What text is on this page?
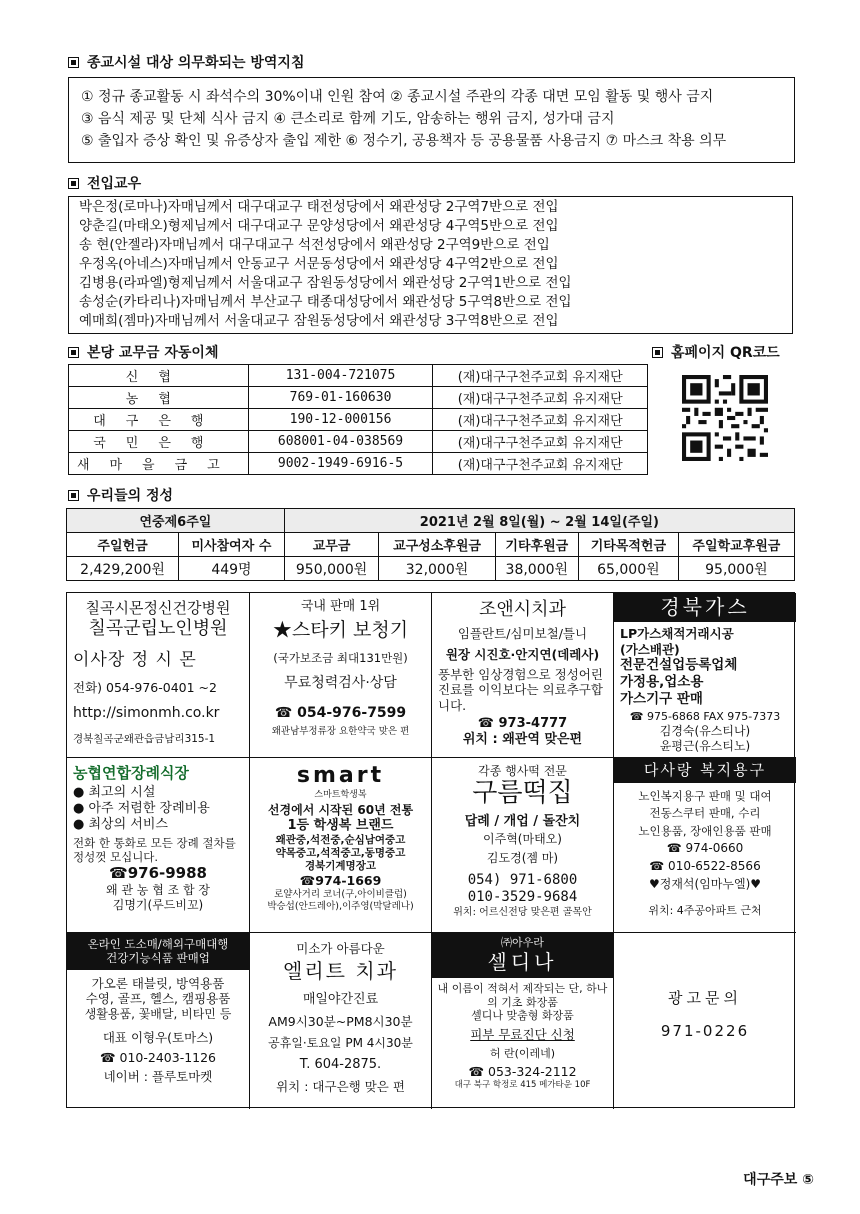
종교시설 대상 의무화되는 방역지침

① 정규 종교활동 시 좌석수의 30%이내 인원 참여 ② 종교시설 주관의 각종 대면 모임 활동 및 행사 금지

③ 음식 제공 및 단체 식사 금지 ④ 큰소리로 함께 기도, 암송하는 행위 금지, 성가대 금지

⑤ 출입자 증상 확인 및 유증상자 출입 제한 ⑥ 정수기, 공용책자 등 공용물품 사용금지 ⑦ 마스크 착용 의무

전입교우

박은정(로마나)자매님께서 대구대교구 태전성당에서 왜관성당 2구역7반으로 전입

양춘길(마태오)형제님께서 대구대교구 문양성당에서 왜관성당 4구역5반으로 전입

송 현(안젤라)자매님께서 대구대교구 석전성당에서 왜관성당 2구역9반으로 전입

우정옥(아네스)자매님께서 안동교구 서문동성당에서 왜관성당 4구역2반으로 전입

김병용(라파엘)형제님께서 서울대교구 잠원동성당에서 왜관성당 2구역1반으로 전입

송성순(카타리나)자매님께서 부산교구 태종대성당에서 왜관성당 5구역8반으로 전입

예매희(젬마)자매님께서 서울대교구 잠원동성당에서 왜관성당 3구역8반으로 전입

본당 교무금 자동이체	홈페이지 QR코드
신협	131-004-721075	(재)대구구천주교회 유지재단
농협	769-01-160630	(재)대구구천주교회 유지재단
대구은행	190-12-000156	(재)대구구천주교회 유지재단
국민은행	608001-04-038569	(재)대구구천주교회 유지재단
새마을금고	9002-1949-6916-5	(재)대구구천주교회 유지재단
우리들의 정성
연중제6주일		2021년 2월 8일(월) ~ 2월 14일(주일)				
주일헌금	미사참여자 수	교무금	교구성소후원금	기타후원금	기타목적헌금	주일학교후원금
2,429,200원	449명	950,000원	32,000원	38,000원	65,000원	95,000원

칠곡시몬정신건강병원

칠곡군립노인병원

이사장 정 시 몬

전화) 054-976-0401 ~2

http://simonmh.co.kr

경북칠곡군왜관읍금남리315-1

국내 판매 1위

★스타키 보청기

(국가보조금 최대131만원)

무료청력검사·상담

☎ 054-976-7599

왜관남부정류장 요한약국 맞은 편

조앤시치과

임플란트/심미보철/틀니

원장 시진호·안지연(데레사)

풍부한 임상경험으로 정성어린 진료를 이익보다는 의료추구합니다.

☎ 973-4777

위치 : 왜관역 맞은편

경북가스

LP가스채적거래시공

(가스배관)

전문건설업등록업체

가정용,업소용

가스기구 판매

☎ 975-6868 FAX 975-7373

김경숙(유스티나)

윤평근(유스티노)

농협연합장례식장

● 최고의 시설

● 아주 저렴한 장례비용

● 최상의 서비스

전화 한 통화로 모든 장례 절차를 정성껏 모십니다.

☎976-9988

왜 관 농 협 조 합 장

김명기(루드비꼬)

smart

스마트학생복

선경에서 시작된 60년 전통

1등 학생복 브랜드

왜관중,석전중,순심남여중고

약목중고,석적중고,동명중고

경북기계명장고

☎974-1669

로얄사거리 코너(구,아이비클럽)

박승섭(안드레아),이주영(막달레나)

각종 행사떡 전문

구름떡집

답례 / 개업 / 돌잔치

이주혁(마태오)

김도경(젬 마)

054) 971-6800

010-3529-9684

위치: 어르신전당 맞은편 골목안

다사랑 복지용구

노인복지용구 판매 및 대여

전동스쿠터 판매, 수리

노인용품, 장애인용품 판매

☎ 974-0660

☎ 010-6522-8566

♥정재석(임마누엘)♥

위치: 4주공아파트 근처

온라인 도소매/해외구매대행

건강기능식품 판매업

가오론 태블릿, 방역용품

수영, 골프, 헬스, 캠핑용품

생활용품, 꽃배달, 비타민 등

대표 이형우(토마스)

☎ 010-2403-1126

네이버 : 플루토마켓

미소가 아름다운

엘리트 치과

매일야간진료

AM9시30분~PM8시30분

공휴일·토요일 PM 4시30분

T. 604-2875.

위치 : 대구은행 맞은 편

㈜아우라

셀디나

내 이름이 적혀서 제작되는 단, 하나의 기초 화장품

셀디나 맞춤형 화장품

피부 무료진단 신청

허 란(이레네)

☎ 053-324-2112

대구 북구 학정로 415 메가타운 10F

광고문의

971-0226

대구주보 ⑤
